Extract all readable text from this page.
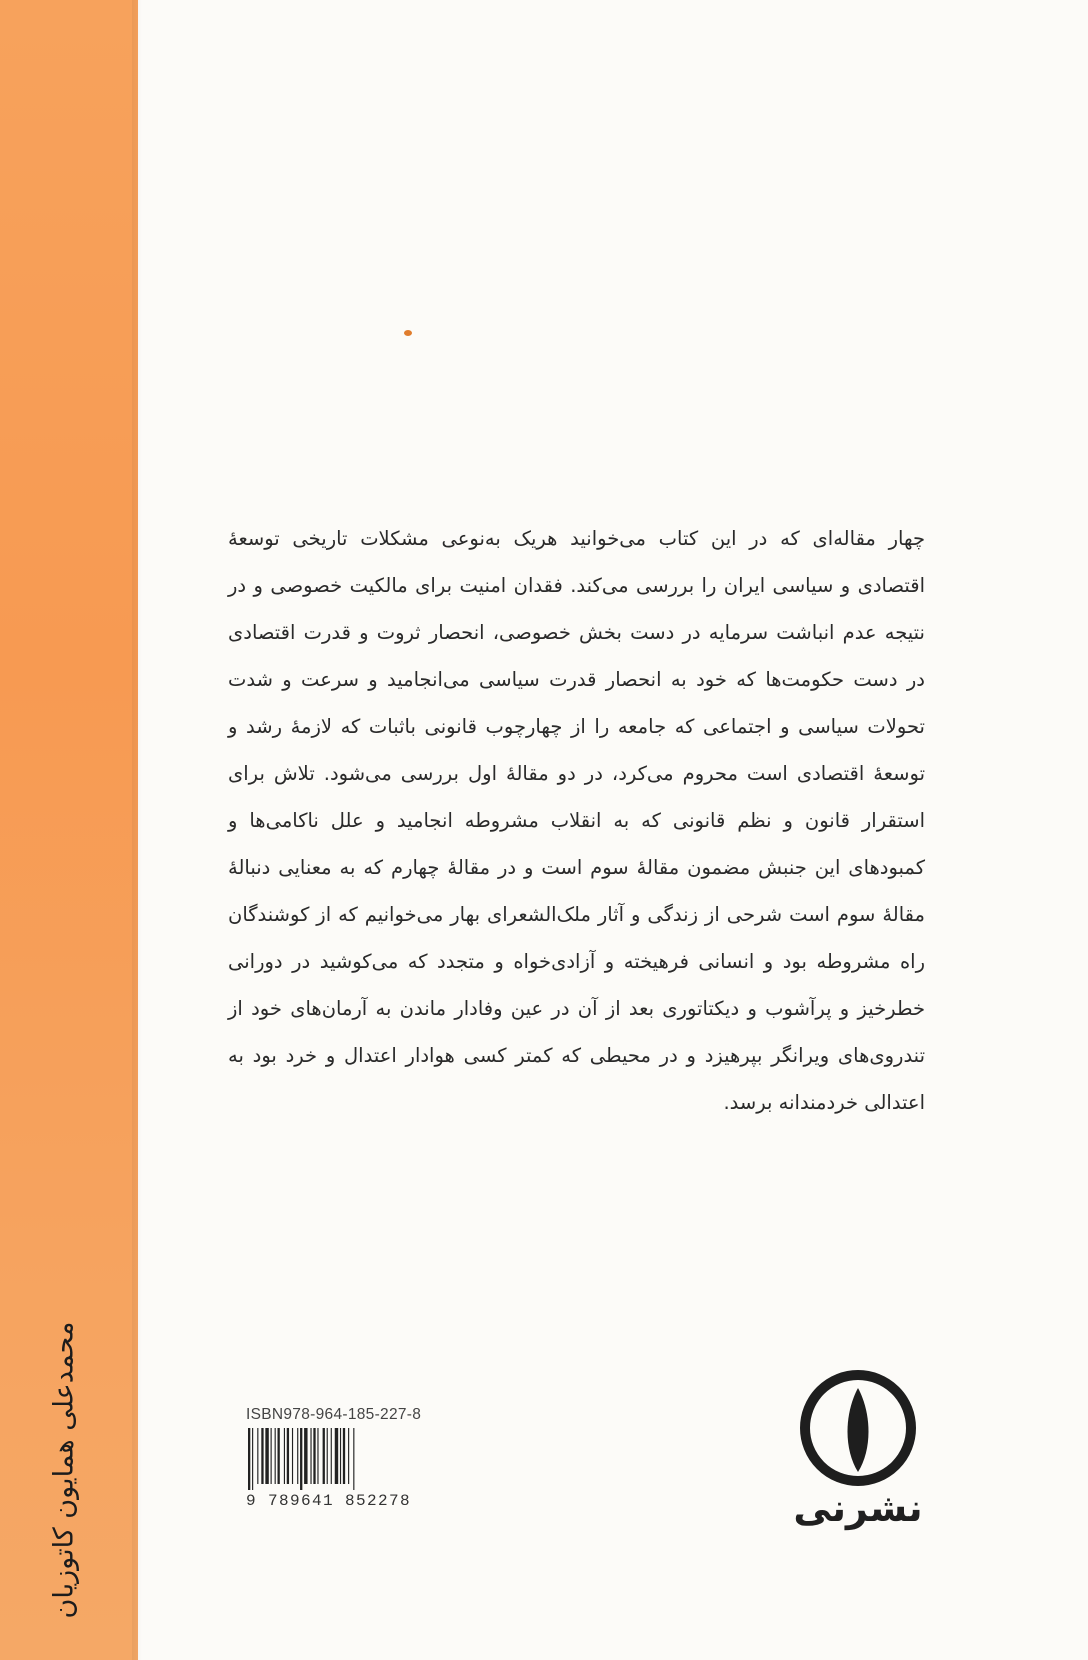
محمدعلی همایون کاتوزیان

چهار مقاله‌ای که در این کتاب می‌خوانید هریک به‌نوعی مشکلات تاریخی توسعهٔ اقتصادی و سیاسی ایران را بررسی می‌کند. فقدان امنیت برای مالکیت خصوصی و در نتیجه عدم انباشت سرمایه در دست بخش خصوصی، انحصار ثروت و قدرت اقتصادی در دست حکومت‌ها که خود به انحصار قدرت سیاسی می‌انجامید و سرعت و شدت تحولات سیاسی و اجتماعی که جامعه را از چهارچوب قانونی باثبات که لازمهٔ رشد و توسعهٔ اقتصادی است محروم می‌کرد، در دو مقالهٔ اول بررسی می‌شود. تلاش برای استقرار قانون و نظم قانونی که به انقلاب مشروطه انجامید و علل ناکامی‌ها و کمبودهای این جنبش مضمون مقالهٔ سوم است و در مقالهٔ چهارم که به معنایی دنبالهٔ مقالهٔ سوم است شرحی از زندگی و آثار ملک‌الشعرای بهار می‌خوانیم که از کوشندگان راه مشروطه بود و انسانی فرهیخته و آزادی‌خواه و متجدد که می‌کوشید در دورانی خطرخیز و پرآشوب و دیکتاتوری بعد از آن در عین وفادار ماندن به آرمان‌های خود از تندروی‌های ویرانگر بپرهیزد و در محیطی که کمتر کسی هوادار اعتدال و خرد بود به اعتدالی خردمندانه برسد.

ISBN978-964-185-227-8
9 789641 852278	نشرنی
